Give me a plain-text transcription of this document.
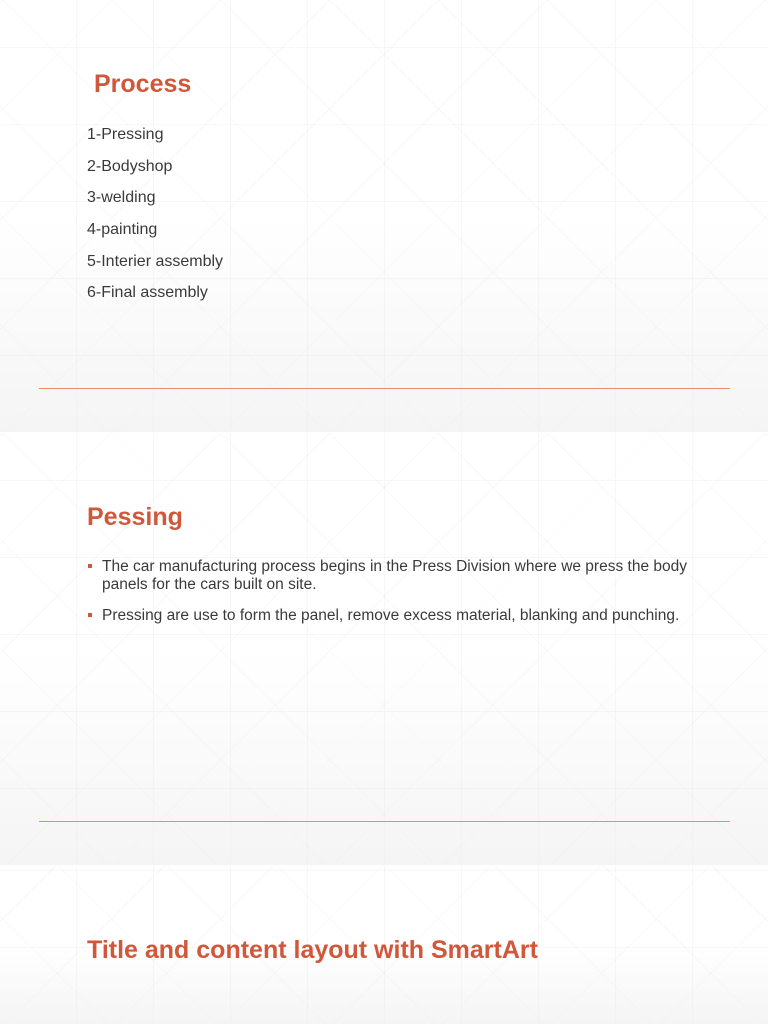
Process
1-Pressing
2-Bodyshop
3-welding
4-painting
5-Interier assembly
6-Final assembly
Pessing
The car manufacturing process begins in the Press Division where we press the body panels for the cars built on site.
Pressing are use to form the panel, remove excess material, blanking and punching.
Title and content layout with SmartArt
